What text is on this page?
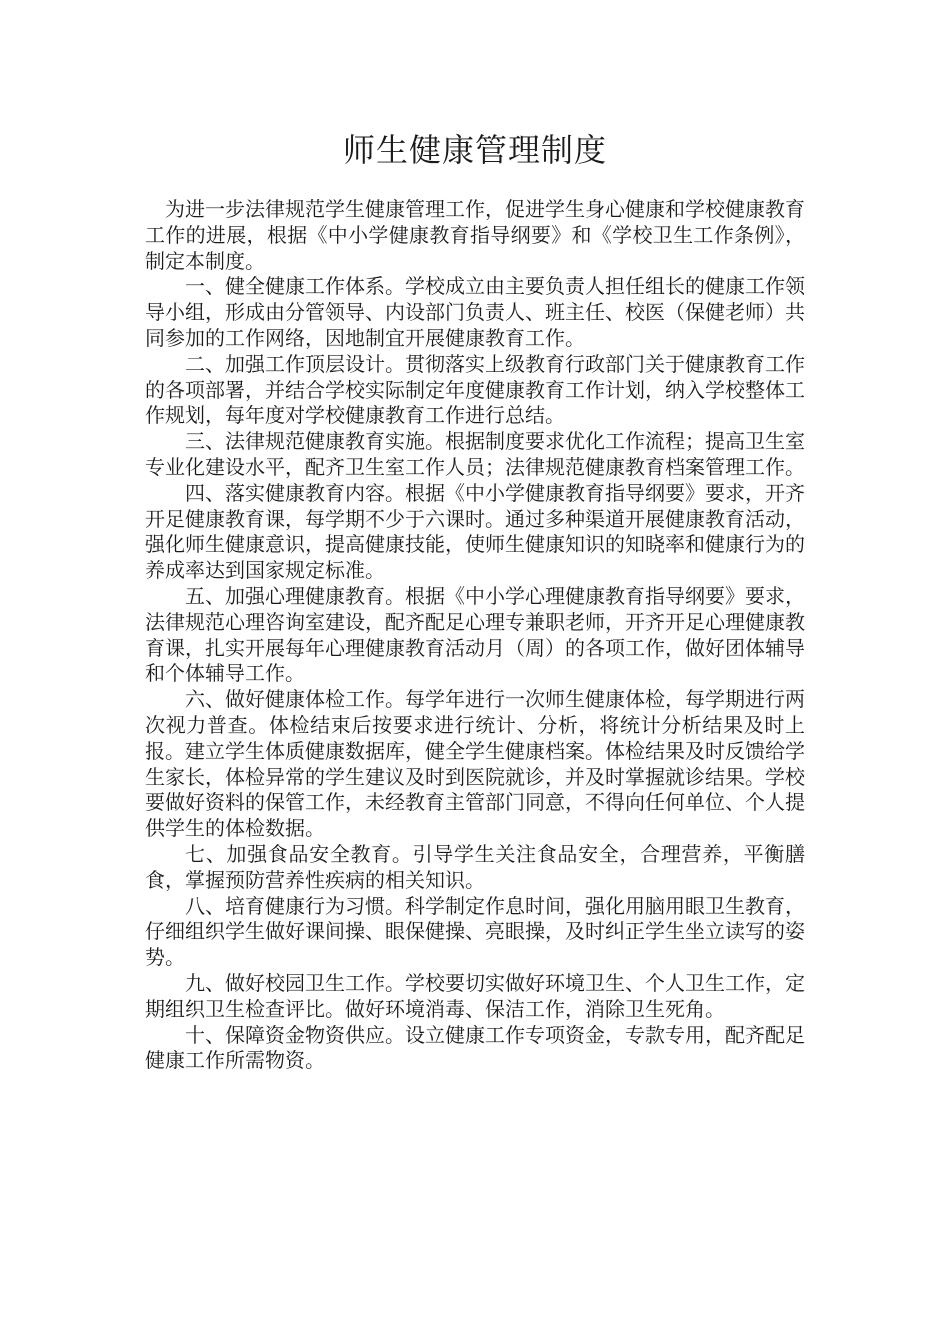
师生健康管理制度

为进一步法律规范学生健康管理工作，促进学生身心健康和学校健康教育工作的进展，根据《中小学健康教育指导纲要》和《学校卫生工作条例》，制定本制度。

一、健全健康工作体系。学校成立由主要负责人担任组长的健康工作领导小组，形成由分管领导、内设部门负责人、班主任、校医（保健老师）共同参加的工作网络，因地制宜开展健康教育工作。

二、加强工作顶层设计。贯彻落实上级教育行政部门关于健康教育工作的各项部署，并结合学校实际制定年度健康教育工作计划，纳入学校整体工作规划，每年度对学校健康教育工作进行总结。

三、法律规范健康教育实施。根据制度要求优化工作流程；提高卫生室专业化建设水平，配齐卫生室工作人员；法律规范健康教育档案管理工作。

四、落实健康教育内容。根据《中小学健康教育指导纲要》要求，开齐开足健康教育课，每学期不少于六课时。通过多种渠道开展健康教育活动，强化师生健康意识，提高健康技能，使师生健康知识的知晓率和健康行为的养成率达到国家规定标准。

五、加强心理健康教育。根据《中小学心理健康教育指导纲要》要求，法律规范心理咨询室建设，配齐配足心理专兼职老师，开齐开足心理健康教育课，扎实开展每年心理健康教育活动月（周）的各项工作，做好团体辅导和个体辅导工作。

六、做好健康体检工作。每学年进行一次师生健康体检，每学期进行两次视力普查。体检结束后按要求进行统计、分析，将统计分析结果及时上报。建立学生体质健康数据库，健全学生健康档案。体检结果及时反馈给学生家长，体检异常的学生建议及时到医院就诊，并及时掌握就诊结果。学校要做好资料的保管工作，未经教育主管部门同意，不得向任何单位、个人提供学生的体检数据。

七、加强食品安全教育。引导学生关注食品安全，合理营养，平衡膳食，掌握预防营养性疾病的相关知识。

八、培育健康行为习惯。科学制定作息时间，强化用脑用眼卫生教育，仔细组织学生做好课间操、眼保健操、亮眼操，及时纠正学生坐立读写的姿势。

九、做好校园卫生工作。学校要切实做好环境卫生、个人卫生工作，定期组织卫生检查评比。做好环境消毒、保洁工作，消除卫生死角。

十、保障资金物资供应。设立健康工作专项资金，专款专用，配齐配足健康工作所需物资。
